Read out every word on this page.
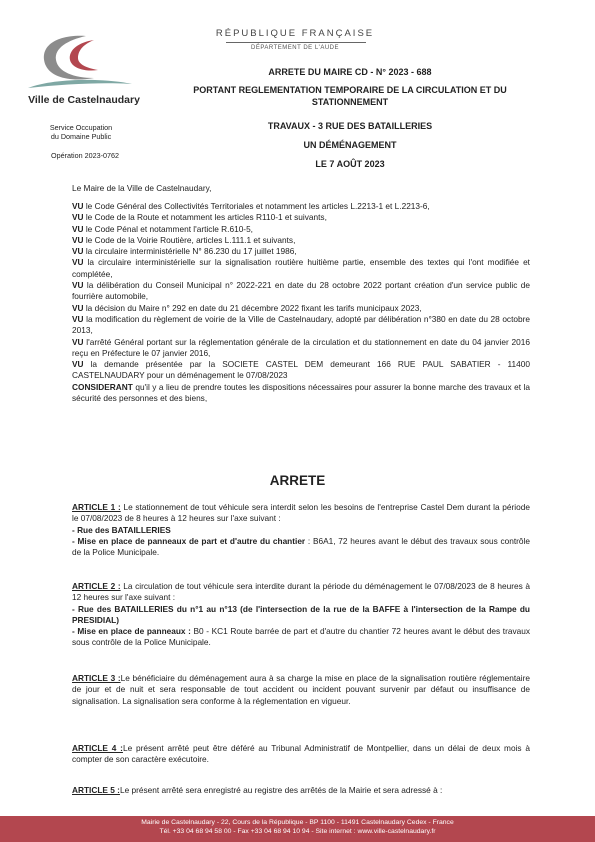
Ville de Castelnaudary
Service Occupation
du Domaine Public
Opération 2023-0762
RÉPUBLIQUE FRANÇAISE
DÉPARTEMENT DE L'AUDE
ARRETE DU MAIRE CD - N° 2023 - 688
PORTANT REGLEMENTATION TEMPORAIRE DE LA CIRCULATION ET DU
STATIONNEMENT
TRAVAUX - 3 RUE DES BATAILLERIES
UN DÉMÉNAGEMENT
LE 7 AOÛT 2023
Le Maire de la Ville de Castelnaudary,

VU le Code Général des Collectivités Territoriales et notamment les articles L.2213-1 et L.2213-6,

VU le Code de la Route et notamment les articles R110-1 et suivants,

VU le Code Pénal et notamment l'article R.610-5,

VU le Code de la Voirie Routière, articles L.111.1 et suivants,

VU la circulaire interministérielle N° 86.230 du 17 juillet 1986,

VU la circulaire interministérielle sur la signalisation routière huitième partie, ensemble des textes qui l'ont modifiée et complétée,

VU la délibération du Conseil Municipal n° 2022-221 en date du 28 octobre 2022 portant création d'un service public de fourrière automobile,

VU la décision du Maire n° 292 en date du 21 décembre 2022 fixant les tarifs municipaux 2023,

VU la modification du règlement de voirie de la Ville de Castelnaudary, adopté par délibération n°380 en date du 28 octobre 2013,

VU l'arrêté Général portant sur la réglementation générale de la circulation et du stationnement en date du 04 janvier 2016 reçu en Préfecture le 07 janvier 2016,

VU la demande présentée par la SOCIETE CASTEL DEM demeurant 166 RUE PAUL SABATIER - 11400 CASTELNAUDARY pour un déménagement le 07/08/2023

CONSIDERANT qu'il y a lieu de prendre toutes les dispositions nécessaires pour assurer la bonne marche des travaux et la sécurité des personnes et des biens,

ARRETE

ARTICLE 1 : Le stationnement de tout véhicule sera interdit selon les besoins de l'entreprise Castel Dem durant la période le 07/08/2023 de 8 heures à 12 heures sur l'axe suivant :

- Rue des BATAILLERIES

- Mise en place de panneaux de part et d'autre du chantier : B6A1, 72 heures avant le début des travaux sous contrôle de la Police Municipale.

ARTICLE 2 : La circulation de tout véhicule sera interdite durant la période du déménagement le 07/08/2023 de 8 heures à 12 heures sur l'axe suivant :

- Rue des BATAILLERIES du n°1 au n°13 (de l'intersection de la rue de la BAFFE à l'intersection de la Rampe du PRESIDIAL)

- Mise en place de panneaux : B0 - KC1 Route barrée de part et d'autre du chantier 72 heures avant le début des travaux sous contrôle de la Police Municipale.

ARTICLE 3 :Le bénéficiaire du déménagement aura à sa charge la mise en place de la signalisation routière réglementaire de jour et de nuit et sera responsable de tout accident ou incident pouvant survenir par défaut ou insuffisance de signalisation. La signalisation sera conforme à la réglementation en vigueur.

ARTICLE 4 :Le présent arrêté peut être déféré au Tribunal Administratif de Montpellier, dans un délai de deux mois à compter de son caractère exécutoire.

ARTICLE 5 :Le présent arrêté sera enregistré au registre des arrêtés de la Mairie et sera adressé à :

Mairie de Castelnaudary - 22, Cours de la République - BP 1100 - 11491 Castelnaudary Cedex - France
Tél. +33 04 68 94 58 00 - Fax +33 04 68 94 10 94 - Site internet : www.ville-castelnaudary.fr
